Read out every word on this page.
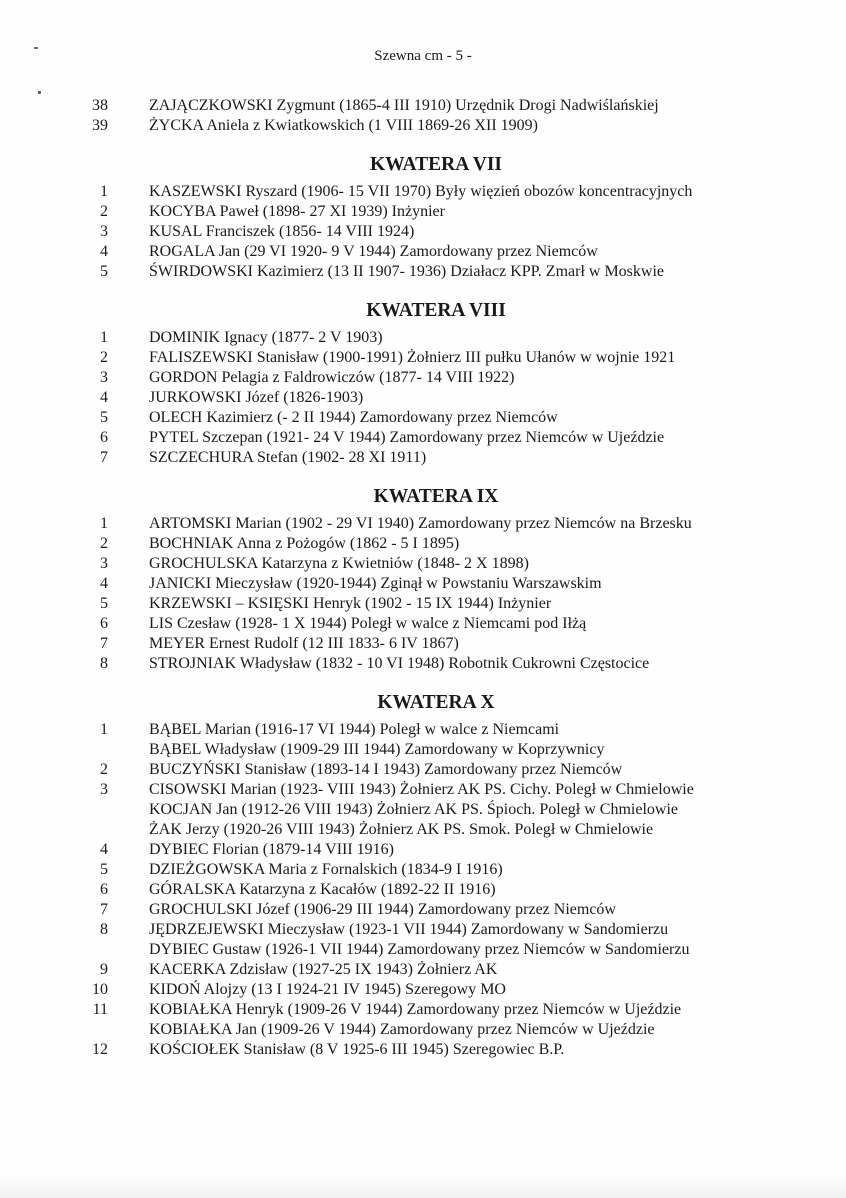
Szewna cm - 5 -
38	ZAJĄCZKOWSKI Zygmunt (1865-4 III 1910) Urzędnik Drogi Nadwiślańskiej
39	ŻYCKA Aniela z Kwiatkowskich (1 VIII 1869-26 XII 1909)
KWATERA VII
1	KASZEWSKI Ryszard (1906- 15 VII 1970) Były więzień obozów koncentracyjnych
2	KOCYBA Paweł (1898- 27 XI 1939) Inżynier
3	KUSAL Franciszek (1856- 14 VIII 1924)
4	ROGALA Jan (29 VI 1920- 9 V 1944) Zamordowany przez Niemców
5	ŚWIRDOWSKI Kazimierz (13 II 1907- 1936) Działacz KPP. Zmarł w Moskwie
KWATERA VIII
1	DOMINIK Ignacy (1877- 2 V 1903)
2	FALISZEWSKI Stanisław (1900-1991) Żołnierz III pułku Ułanów w wojnie 1921
3	GORDON Pelagia z Faldrowiczów (1877- 14 VIII 1922)
4	JURKOWSKI Józef (1826-1903)
5	OLECH Kazimierz (- 2 II 1944) Zamordowany przez Niemców
6	PYTEL Szczepan (1921- 24 V 1944) Zamordowany przez Niemców w Ujeździe
7	SZCZECHURA Stefan (1902- 28 XI 1911)
KWATERA IX
1	ARTOMSKI Marian (1902 - 29 VI 1940) Zamordowany przez Niemców na Brzesku
2	BOCHNIAK Anna z Pożogów (1862 - 5 I 1895)
3	GROCHULSKA Katarzyna z Kwietniów (1848- 2 X 1898)
4	JANICKI Mieczysław (1920-1944) Zginął w Powstaniu Warszawskim
5	KRZEWSKI – KSIĘSKI Henryk (1902 - 15 IX 1944) Inżynier
6	LIS Czesław (1928- 1 X 1944) Poległ w walce z Niemcami pod Iłżą
7	MEYER Ernest Rudolf (12 III 1833- 6 IV 1867)
8	STROJNIAK Władysław (1832 - 10 VI 1948) Robotnik Cukrowni Częstocice
KWATERA X
1	BĄBEL Marian (1916-17 VI 1944) Poległ w walce z Niemcami
BĄBEL Władysław (1909-29 III 1944) Zamordowany w Koprzywnicy
2	BUCZYŃSKI Stanisław (1893-14 I 1943) Zamordowany przez Niemców
3	CISOWSKI Marian (1923- VIII 1943) Żołnierz AK PS. Cichy. Poległ w Chmielowie
KOCJAN Jan (1912-26 VIII 1943) Żołnierz AK PS. Śpioch. Poległ w Chmielowie
ŻAK Jerzy (1920-26 VIII 1943) Żołnierz AK PS. Smok. Poległ w Chmielowie
4	DYBIEC Florian (1879-14 VIII 1916)
5	DZIEŻGOWSKA Maria z Fornalskich (1834-9 I 1916)
6	GÓRALSKA Katarzyna z Kacałów (1892-22 II 1916)
7	GROCHULSKI Józef (1906-29 III 1944) Zamordowany przez Niemców
8	JĘDRZEJEWSKI Mieczysław (1923-1 VII 1944) Zamordowany w Sandomierzu
DYBIEC Gustaw (1926-1 VII 1944) Zamordowany przez Niemców w Sandomierzu
9	KACERKA Zdzisław (1927-25 IX 1943) Żołnierz AK
10	KIDOŃ Alojzy (13 I 1924-21 IV 1945) Szeregowy MO
11	KOBIAŁKA Henryk (1909-26 V 1944) Zamordowany przez Niemców w Ujeździe
KOBIAŁKA Jan (1909-26 V 1944) Zamordowany przez Niemców w Ujeździe
12	KOŚCIOŁEK Stanisław (8 V 1925-6 III 1945) Szeregowiec B.P.
